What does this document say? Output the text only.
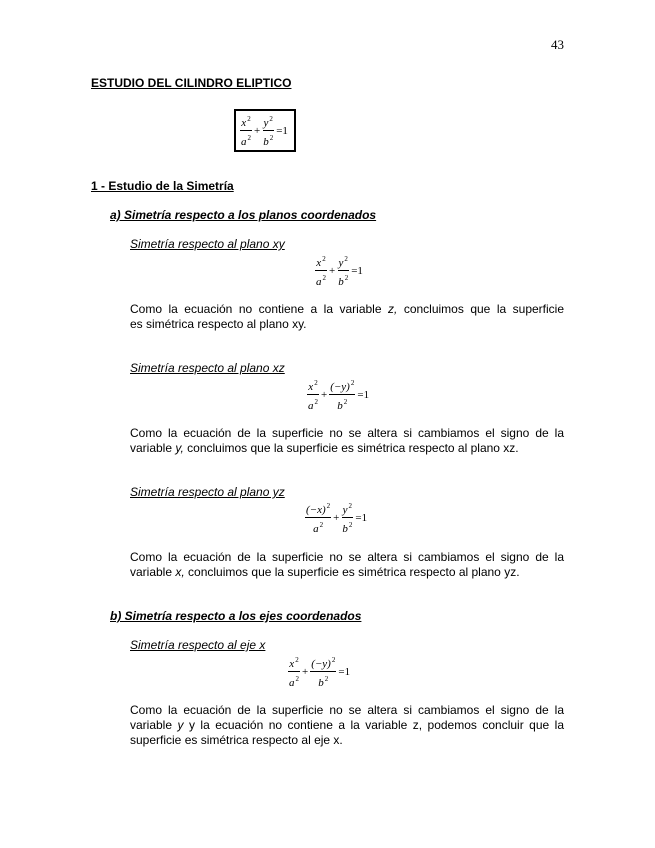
43
ESTUDIO DEL CILINDRO ELIPTICO
$\frac{x^2}{a^2} + \frac{y^2}{b^2} =1$
1 - Estudio de la Simetría
a) Simetría respecto a los planos coordenados
Simetría respecto al plano xy
$\frac{x^2}{a^2} + \frac{y^2}{b^2} =1$
Como la ecuación no contiene a la variable z, concluimos que la superficie
es simétrica respecto al plano xy.
Simetría respecto al plano xz
$\frac{x^2}{a^2} + \frac{(-y)^2}{b^2} =1$
Como la ecuación de la superficie no se altera si cambiamos el signo de la
variable y, concluimos que la superficie es simétrica respecto al plano xz.
Simetría respecto al plano yz
$\frac{(-x)^2}{a^2} + \frac{y^2}{b^2} =1$
Como la ecuación de la superficie no se altera si cambiamos el signo de la
variable x, concluimos que la superficie es simétrica respecto al plano yz.
b) Simetría respecto a los ejes coordenados
Simetría respecto al eje x
$\frac{x^2}{a^2} + \frac{(-y)^2}{b^2} =1$
Como la ecuación de la superficie no se altera si cambiamos el signo de la
variable y y la ecuación no contiene a la variable z, podemos concluir que la
superficie es simétrica respecto al eje x.
